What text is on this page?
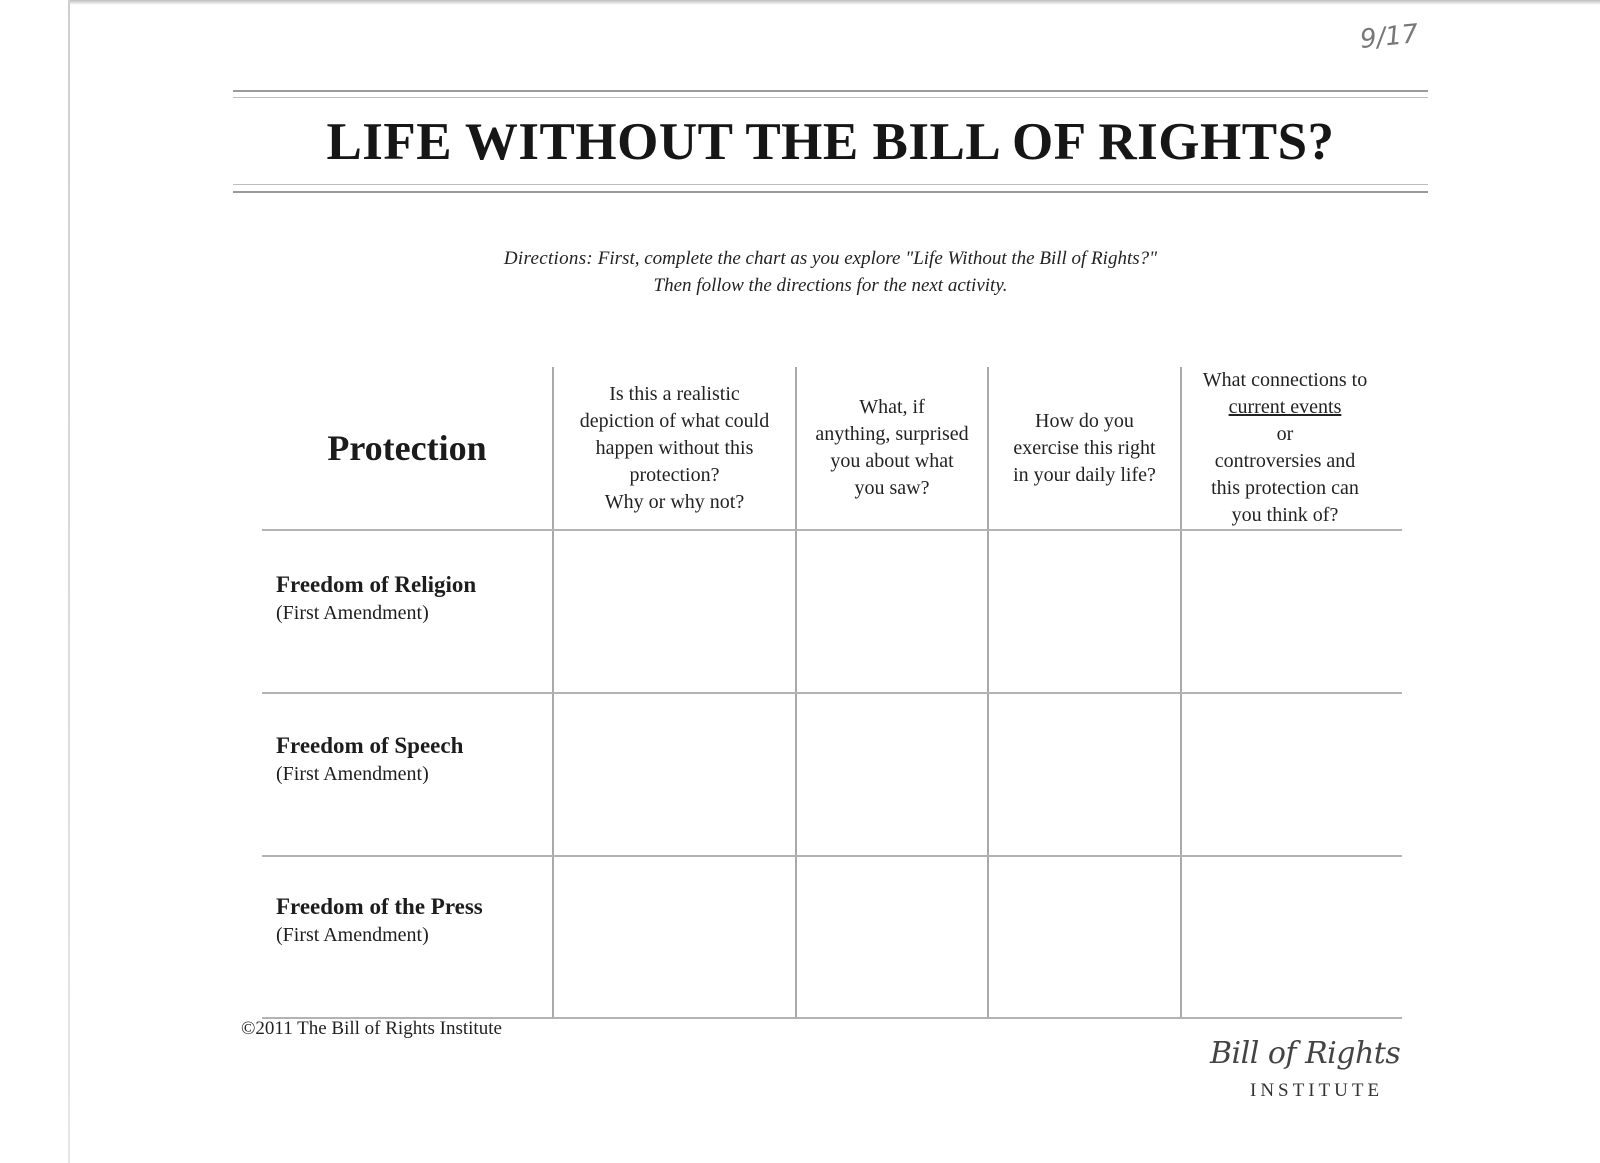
9/17
LIFE WITHOUT THE BILL OF RIGHTS?
Directions: First, complete the chart as you explore "Life Without the Bill of Rights?"
Then follow the directions for the next activity.
Protection
Is this a realistic
depiction of what could
happen without this
protection?
Why or why not?
What, if
anything, surprised
you about what
you saw?
How do you
exercise this right
in your daily life?
What connections to
current events
or
controversies and
this protection can
you think of?
Freedom of Religion
(First Amendment)
Freedom of Speech
(First Amendment)
Freedom of the Press
(First Amendment)
©2011 The Bill of Rights Institute
Bill of Rights
INSTITUTE
